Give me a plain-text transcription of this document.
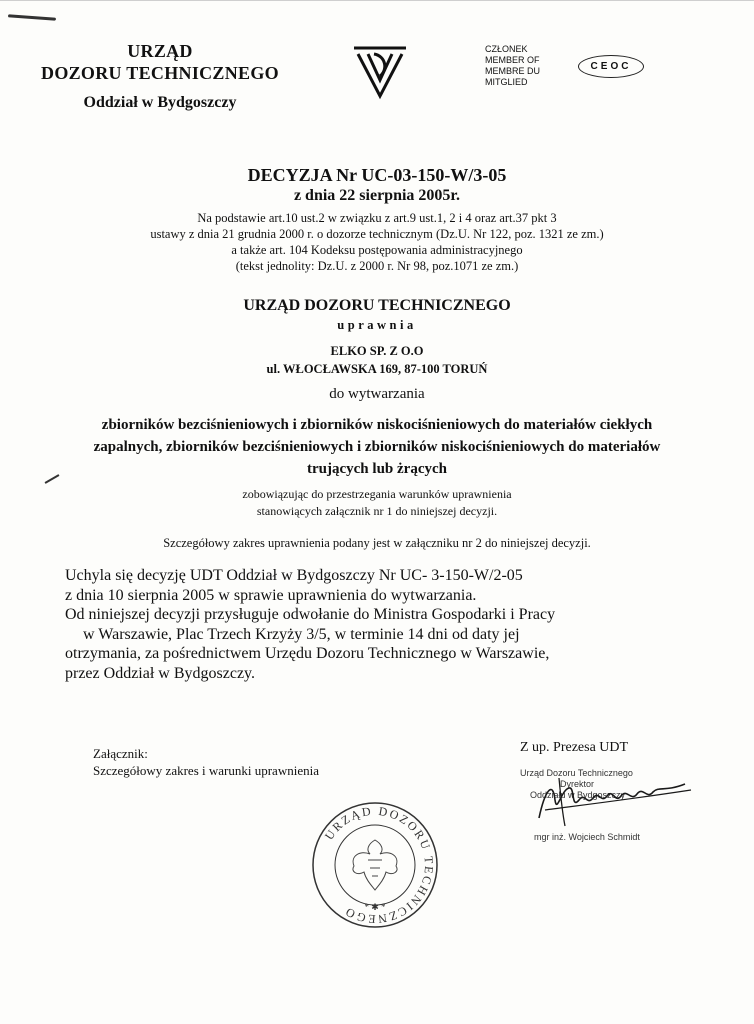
URZĄD
DOZORU TECHNICZNEGO
Oddział w Bydgoszczy
CZŁONEK
MEMBER OF
MEMBRE DU
MITGLIED
CEOC
DECYZJA Nr UC-03-150-W/3-05
z dnia 22 sierpnia 2005r.
Na podstawie art.10 ust.2 w związku z art.9 ust.1, 2 i 4 oraz art.37 pkt 3
ustawy z dnia 21 grudnia 2000 r. o dozorze technicznym (Dz.U. Nr 122, poz. 1321 ze zm.)
a także art. 104 Kodeksu postępowania administracyjnego
(tekst jednolity: Dz.U. z 2000 r. Nr 98, poz.1071 ze zm.)
URZĄD DOZORU TECHNICZNEGO
uprawnia
ELKO SP. Z O.O
ul. WŁOCŁAWSKA 169, 87-100 TORUŃ
do wytwarzania
zbiorników bezciśnieniowych i zbiorników niskociśnieniowych do materiałów ciekłych
zapalnych, zbiorników bezciśnieniowych i zbiorników niskociśnieniowych do materiałów
trujących lub żrących
zobowiązując do przestrzegania warunków uprawnienia
stanowiących załącznik nr 1 do niniejszej decyzji.
Szczegółowy zakres uprawnienia podany jest w załączniku nr 2 do niniejszej decyzji.

Uchyla się decyzję UDT Oddział w Bydgoszczy Nr UC- 3-150-W/2-05

z dnia 10 sierpnia 2005 w sprawie uprawnienia do wytwarzania.

Od niniejszej decyzji przysługuje odwołanie do Ministra Gospodarki i Pracy

w Warszawie, Plac Trzech Krzyży 3/5, w terminie 14 dni od daty jej

otrzymania, za pośrednictwem Urzędu Dozoru Technicznego w Warszawie,

przez Oddział w Bydgoszczy.

Załącznik:
Szczegółowy zakres i warunki uprawnienia
Z up. Prezesa UDT
Urząd Dozoru Technicznego
Dyrektor
Oddziału w Bydgoszczy
mgr inż. Wojciech Schmidt
URZĄD DOZORU TECHNICZNEGO * ✱ *
